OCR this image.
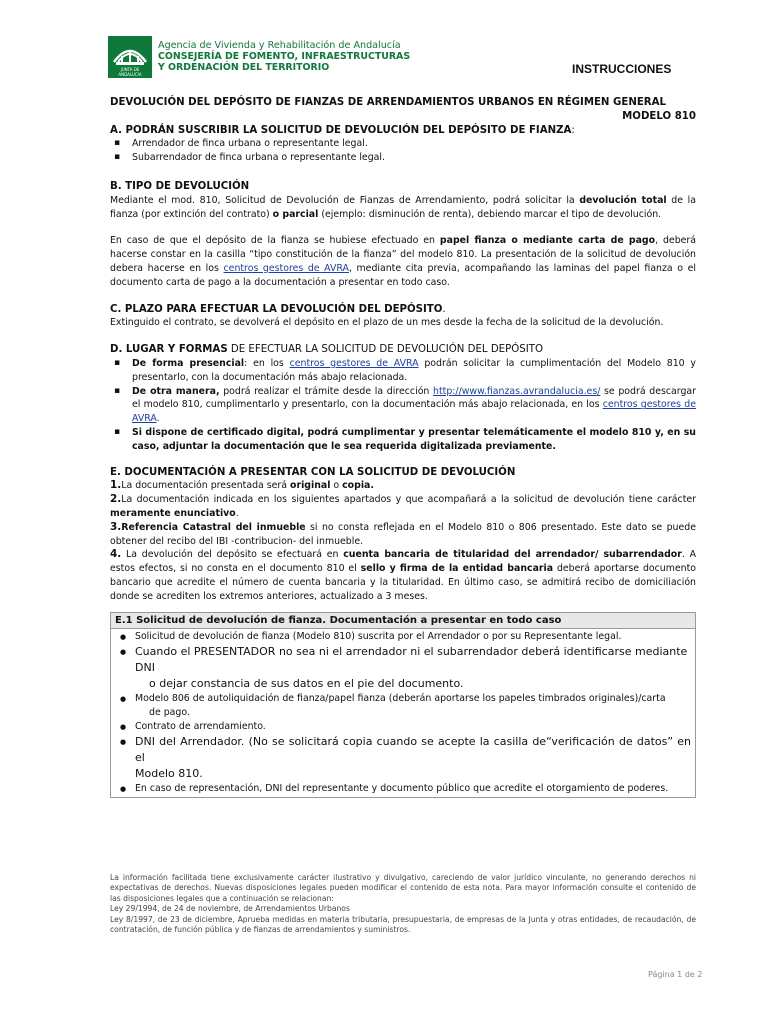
JUNTA DE ANDALUCIA
Agencia de Vivienda y Rehabilitación de Andalucía
CONSEJERÍA DE FOMENTO, INFRAESTRUCTURAS
Y ORDENACIÓN DEL TERRITORIO	INSTRUCCIONES

DEVOLUCIÓN DEL DEPÓSITO DE FIANZAS DE ARRENDAMIENTOS URBANOS EN RÉGIMEN GENERAL

MODELO 810

A. PODRÁN SUSCRIBIR LA SOLICITUD DE DEVOLUCIÓN DEL DEPÓSITO DE FIANZA:

▪ Arrendador de finca urbana o representante legal.
▪ Subarrendador de finca urbana o representante legal.

B. TIPO DE DEVOLUCIÓN

Mediante el mod. 810, Solicitud de Devolución de Fianzas de Arrendamiento, podrá solicitar la devolución total de la fianza (por extinción del contrato) o parcial (ejemplo: disminución de renta), debiendo marcar el tipo de devolución.

En caso de que el depósito de la fianza se hubiese efectuado en papel fianza o mediante carta de pago, deberá hacerse constar en la casilla “tipo constitución de la fianza” del modelo 810. La presentación de la solicitud de devolución debera hacerse en los centros gestores de AVRA, mediante cita previa, acompañando las laminas del papel fianza o el documento carta de pago a la documentación a presentar en todo caso.

C. PLAZO PARA EFECTUAR LA DEVOLUCIÓN DEL DEPÓSITO.

Extinguido el contrato, se devolverá el depósito en el plazo de un mes desde la fecha de la solicitud de la devolución.

D. LUGAR Y FORMAS DE EFECTUAR LA SOLICITUD DE DEVOLUCIÓN DEL DEPÓSITO

▪ De forma presencial: en los centros gestores de AVRA podrán solicitar la cumplimentación del Modelo 810 y presentarlo, con la documentación más abajo relacionada.
▪ De otra manera, podrá realizar el trámite desde la dirección http://www.fianzas.avrandalucia.es/ se podrá descargar el modelo 810, cumplimentarlo y presentarlo, con la documentación más abajo relacionada, en los centros gestores de AVRA.
▪ Si dispone de certificado digital, podrá cumplimentar y presentar telemáticamente el modelo 810 y, en su caso, adjuntar la documentación que le sea requerida digitalizada previamente.

E. DOCUMENTACIÓN A PRESENTAR CON LA SOLICITUD DE DEVOLUCIÓN

1.La documentación presentada será original o copia.

2.La documentación indicada en los siguientes apartados y que acompañará a la solicitud de devolución tiene carácter meramente enunciativo.

3.Referencia Catastral del inmueble si no consta reflejada en el Modelo 810 o 806 presentado. Este dato se puede obtener del recibo del IBI -contribucion- del inmueble.

4. La devolución del depósito se efectuará en cuenta bancaria de titularidad del arrendador/ subarrendador. A estos efectos, si no consta en el documento 810 el sello y firma de la entidad bancaria deberá aportarse documento bancario que acredite el número de cuenta bancaria y la titularidad. En último caso, se admitirá recibo de domiciliación donde se acrediten los extremos anteriores, actualizado a 3 meses.

E.1 Solicitud de devolución de fianza. Documentación a presentar en todo caso

● Solicitud de devolución de fianza (Modelo 810) suscrita por el Arrendador o por su Representante legal.
● Cuando el PRESENTADOR no sea ni el arrendador ni el subarrendador deberá identificarse mediante DNI
o dejar constancia de sus datos en el pie del documento.
● Modelo 806 de autoliquidación de fianza/papel fianza (deberán aportarse los papeles timbrados originales)/carta
de pago.
● Contrato de arrendamiento.
● DNI del Arrendador. (No se solicitará copia cuando se acepte la casilla de“verificación de datos” en el
Modelo 810.
● En caso de representación, DNI del representante y documento público que acredite el otorgamiento de poderes.

La información facilitada tiene exclusivamente carácter ilustrativo y divulgativo, careciendo de valor jurídico vinculante, no generando derechos ni expectativas de derechos. Nuevas disposiciones legales pueden modificar el contenido de esta nota. Para mayor información consulte el contenido de las disposiciones legales que a continuación se relacionan:

Ley 29/1994, de 24 de noviembre, de Arrendamientos Urbanos

Ley 8/1997, de 23 de diciembre, Aprueba medidas en materia tributaria, presupuestaria, de empresas de la Junta y otras entidades, de recaudación, de contratación, de función pública y de fianzas de arrendamientos y suministros.

Página 1 de 2
